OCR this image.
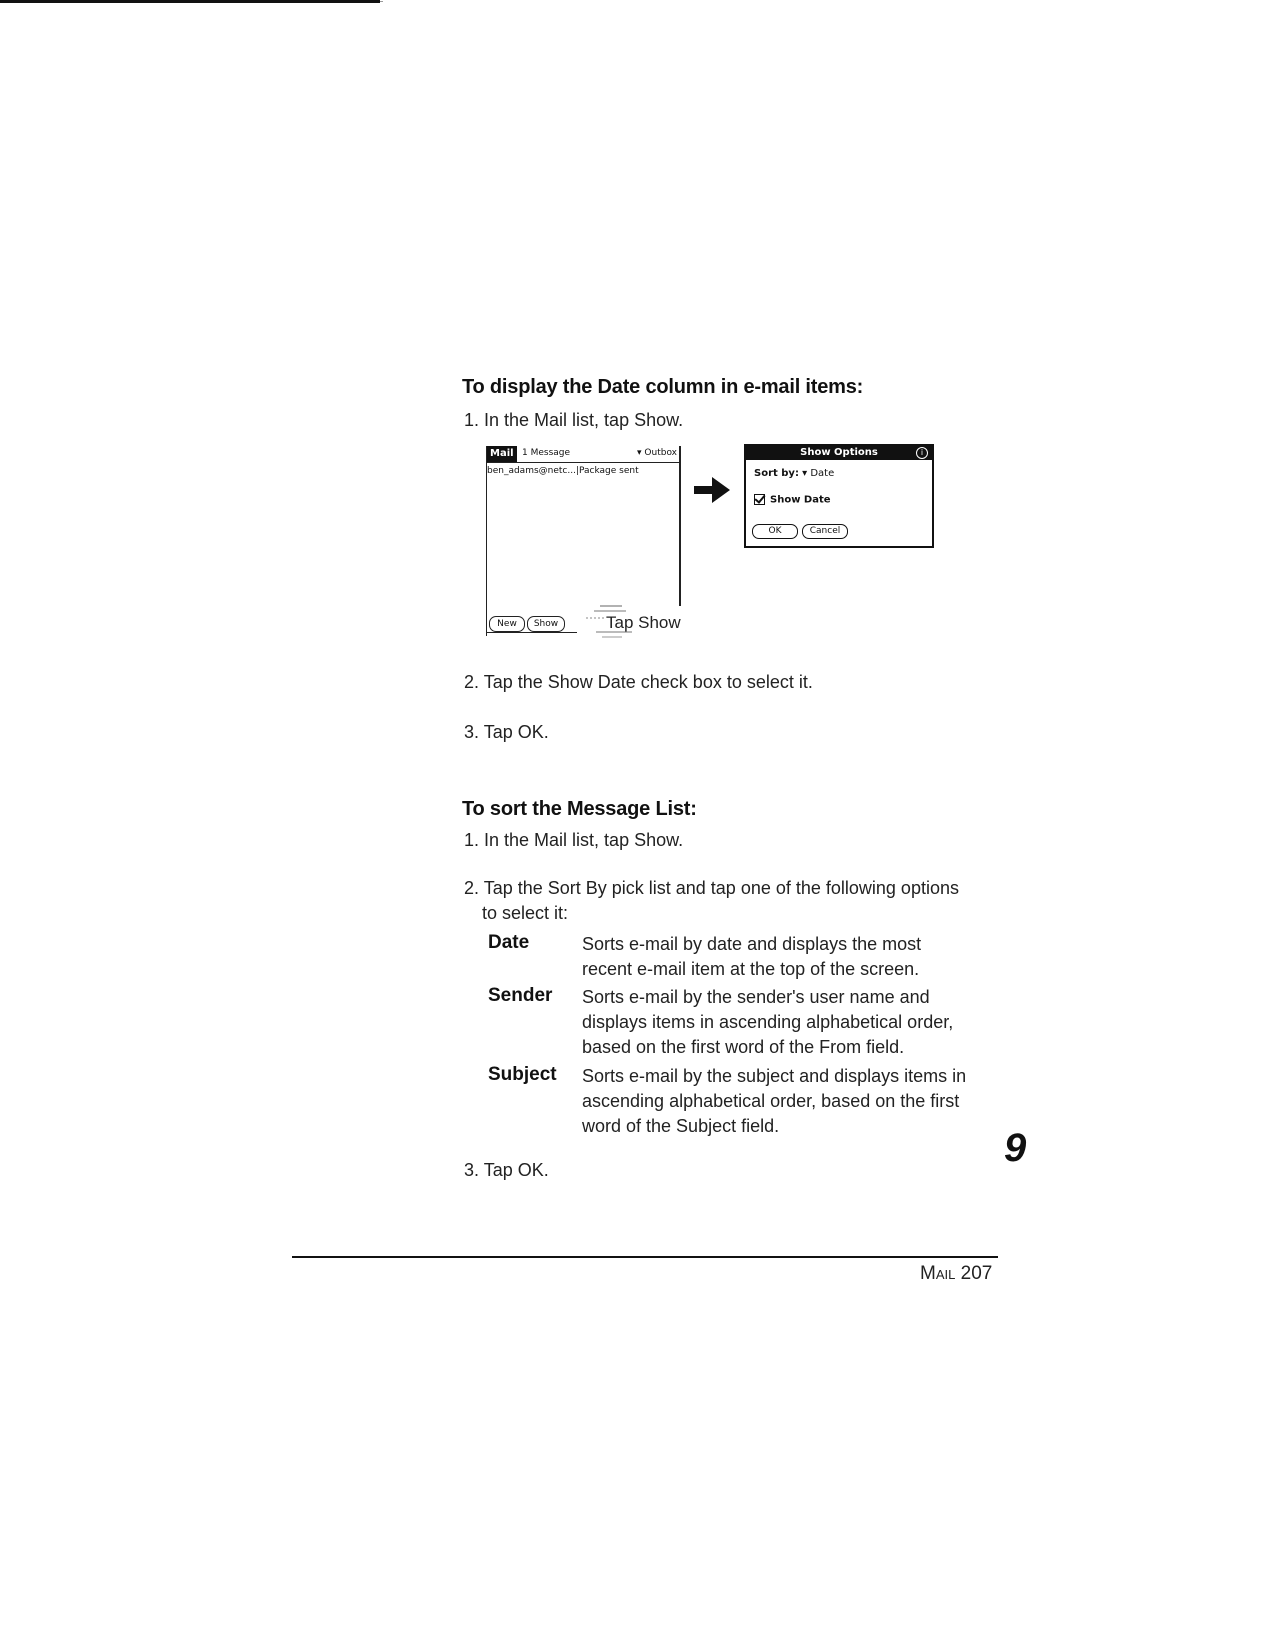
To display the Date column in e-mail items:
1. In the Mail list, tap Show.
Mail 1 Message	▾ Outbox
ben_adams@netc...|Package sent
New	Show	Tap Show
Show Options	i
Sort by: ▾ Date
Show Date
OK	Cancel
2. Tap the Show Date check box to select it.
3. Tap OK.
To sort the Message List:
1. In the Mail list, tap Show.
2. Tap the Sort By pick list and tap one of the following options
to select it:
Date	Sorts e-mail by date and displays the most recent e-mail item at the top of the screen.
Sender Sorts e-mail by the sender's user name and displays items in ascending alphabetical order, based on the first word of the From field.
Subject Sorts e-mail by the subject and displays items in ascending alphabetical order, based on the first word of the Subject field.
3. Tap OK.	9
Mail 207
